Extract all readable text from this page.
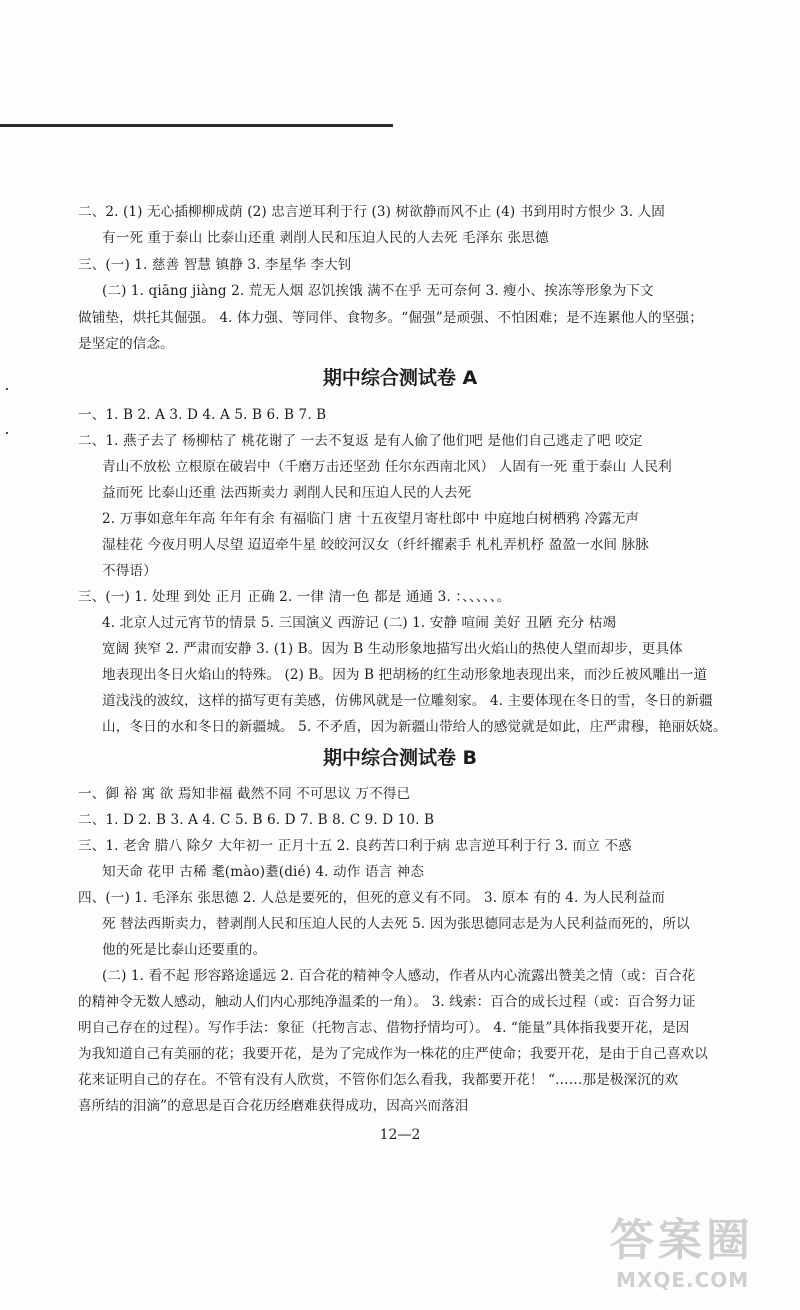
二、2. (1) 无心插柳柳成荫 (2) 忠言逆耳利于行 (3) 树欲静而风不止 (4) 书到用时方恨少 3. 人固
有一死 重于泰山 比泰山还重 剥削人民和压迫人民的人去死 毛泽东 张思德
三、(一) 1. 慈善 智慧 镇静 3. 李星华 李大钊
(二) 1. qiāng jiàng 2. 荒无人烟 忍饥挨饿 满不在乎 无可奈何 3. 瘦小、挨冻等形象为下文
做铺垫，烘托其倔强。 4. 体力强、等同伴、食物多。“倔强”是顽强、不怕困难；是不连累他人的坚强；
是坚定的信念。
期中综合测试卷 A
一、1. B 2. A 3. D 4. A 5. B 6. B 7. B
二、1. 燕子去了 杨柳枯了 桃花谢了 一去不复返 是有人偷了他们吧 是他们自己逃走了吧 咬定
青山不放松 立根原在破岩中（千磨万击还坚劲 任尔东西南北风） 人固有一死 重于泰山 人民利
益而死 比泰山还重 法西斯卖力 剥削人民和压迫人民的人去死
2. 万事如意年年高 年年有余 有福临门 唐 十五夜望月寄杜郎中 中庭地白树栖鸦 冷露无声
湿桂花 今夜月明人尽望 迢迢牵牛星 皎皎河汉女（纤纤擢素手 札札弄机杼 盈盈一水间 脉脉
不得语）
三、(一) 1. 处理 到处 正月 正确 2. 一律 清一色 都是 通通 3. ：、、、、、。
4. 北京人过元宵节的情景 5. 三国演义 西游记 (二) 1. 安静 喧闹 美好 丑陋 充分 枯竭
宽阔 狭窄 2. 严肃而安静 3. (1) B。因为 B 生动形象地描写出火焰山的热使人望而却步，更具体
地表现出冬日火焰山的特殊。 (2) B。因为 B 把胡杨的红生动形象地表现出来，而沙丘被风雕出一道
道浅浅的波纹，这样的描写更有美感，仿佛风就是一位雕刻家。 4. 主要体现在冬日的雪，冬日的新疆
山，冬日的水和冬日的新疆城。 5. 不矛盾，因为新疆山带给人的感觉就是如此，庄严肃穆，艳丽妖娆。
期中综合测试卷 B
一、御 裕 寓 欲 焉知非福 截然不同 不可思议 万不得已
二、1. D 2. B 3. A 4. C 5. B 6. D 7. B 8. C 9. D 10. B
三、1. 老舍 腊八 除夕 大年初一 正月十五 2. 良药苦口利于病 忠言逆耳利于行 3. 而立 不惑
知天命 花甲 古稀 耄(mào)耋(dié) 4. 动作 语言 神态
四、(一) 1. 毛泽东 张思德 2. 人总是要死的，但死的意义有不同。 3. 原本 有的 4. 为人民利益而
死 替法西斯卖力，替剥削人民和压迫人民的人去死 5. 因为张思德同志是为人民利益而死的，所以
他的死是比泰山还要重的。
(二) 1. 看不起 形容路途遥远 2. 百合花的精神令人感动，作者从内心流露出赞美之情（或：百合花
的精神令无数人感动，触动人们内心那纯净温柔的一角）。 3. 线索：百合的成长过程（或：百合努力证
明自己存在的过程）。写作手法：象征（托物言志、借物抒情均可）。 4. “能量”具体指我要开花，是因
为我知道自己有美丽的花；我要开花，是为了完成作为一株花的庄严使命；我要开花，是由于自己喜欢以
花来证明自己的存在。不管有没有人欣赏，不管你们怎么看我，我都要开花！ “……那是极深沉的欢
喜所结的泪滴”的意思是百合花历经磨难获得成功，因高兴而落泪
12—2
答案圈
MXQE.COM
